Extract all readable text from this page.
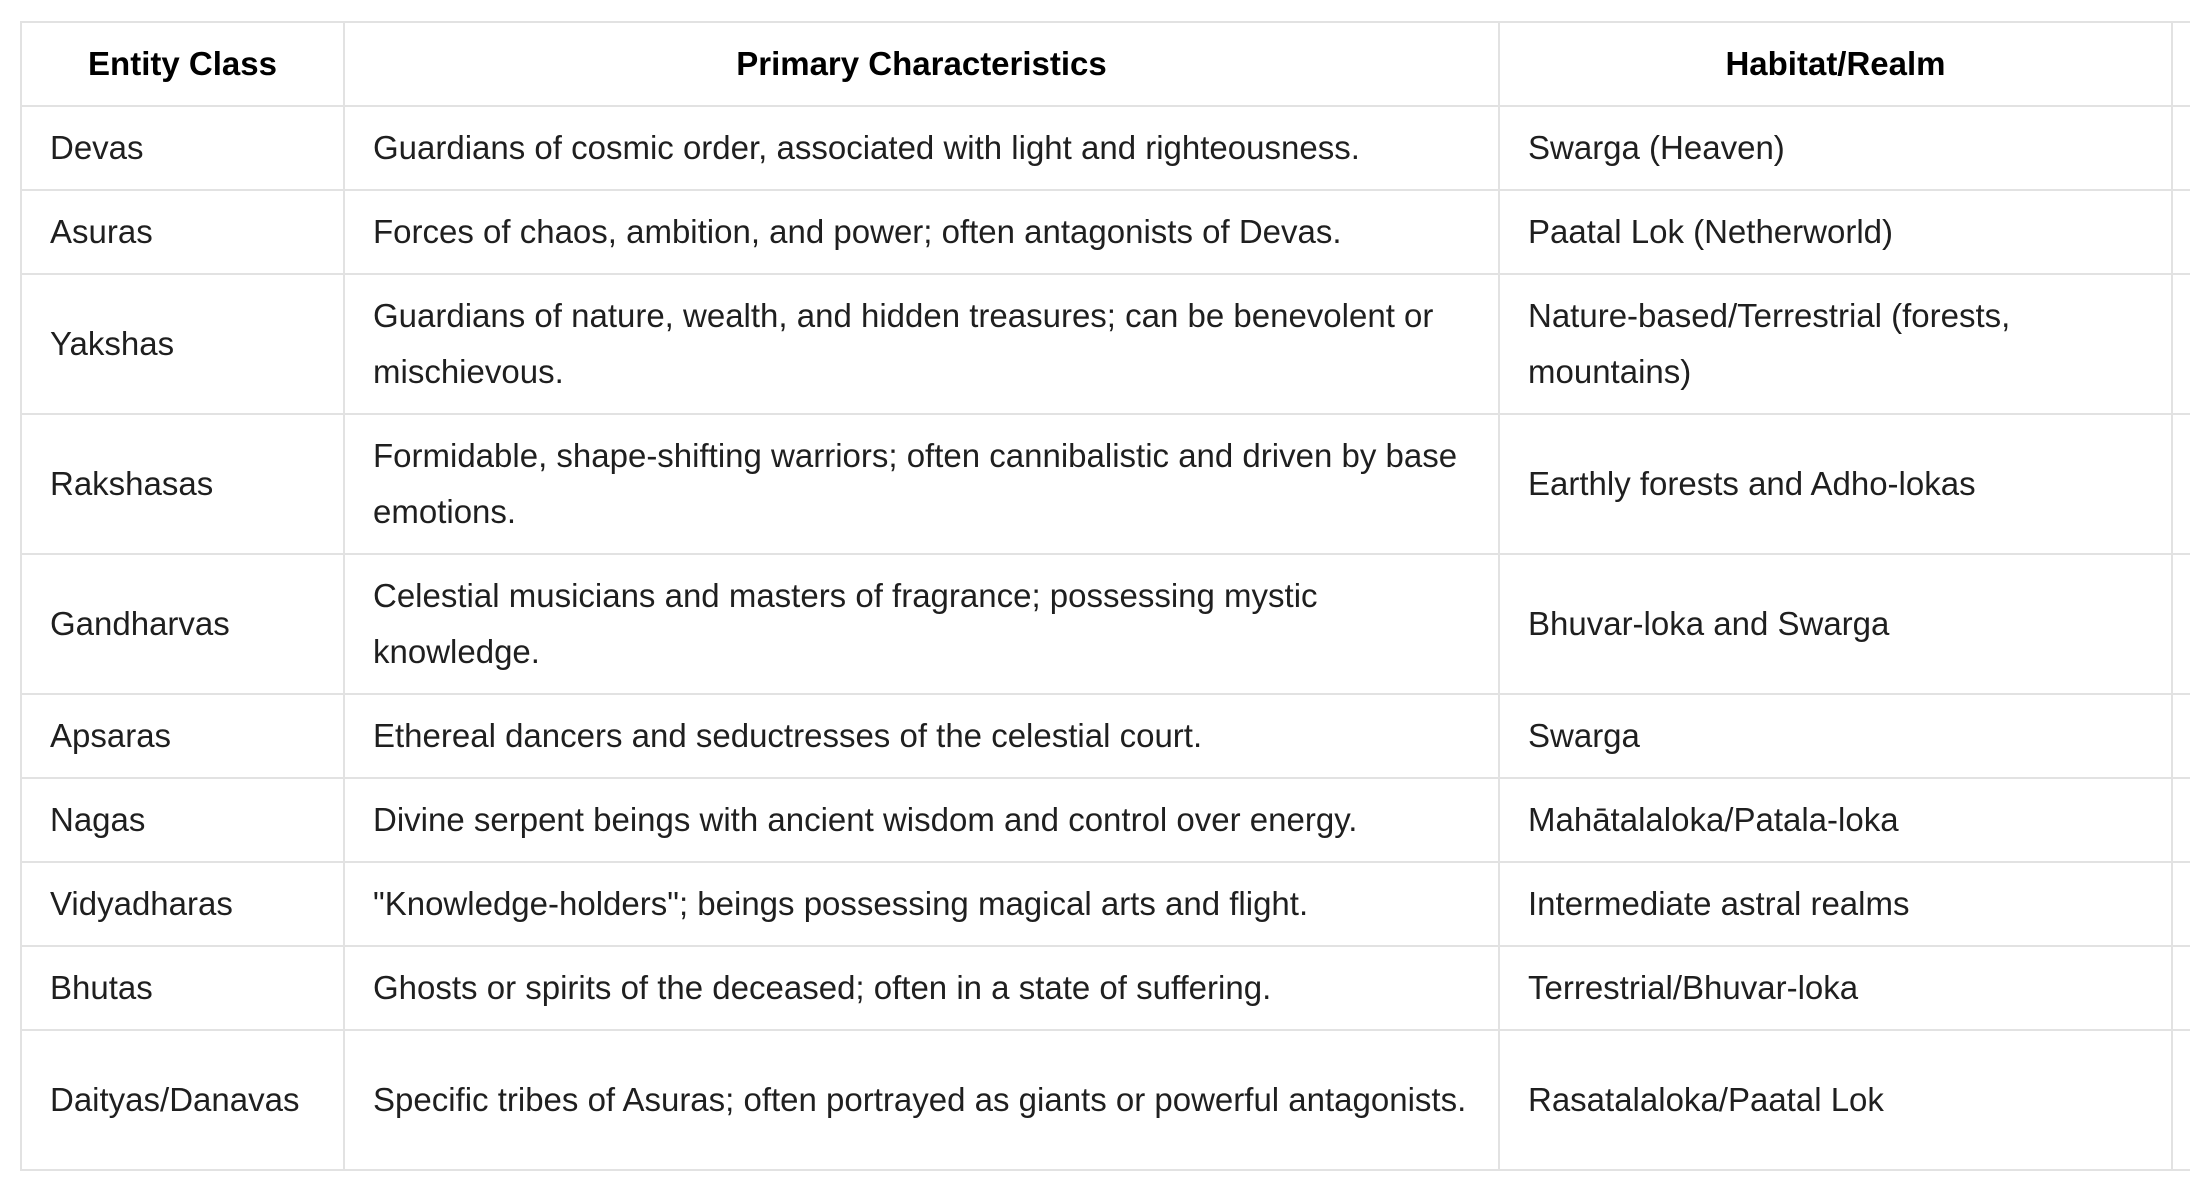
Entity Class	Primary Characteristics	Habitat/Realm	
Devas	Guardians of cosmic order, associated with light and righteousness.	Swarga (Heaven)	
Asuras	Forces of chaos, ambition, and power; often antagonists of Devas.	Paatal Lok (Netherworld)	
Yakshas	Guardians of nature, wealth, and hidden treasures; can be benevolent or mischievous.	Nature-based/Terrestrial (forests, mountains)	
Rakshasas	Formidable, shape-shifting warriors; often cannibalistic and driven by base emotions.	Earthly forests and Adho-lokas	
Gandharvas	Celestial musicians and masters of fragrance; possessing mystic knowledge.	Bhuvar-loka and Swarga	
Apsaras	Ethereal dancers and seductresses of the celestial court.	Swarga	
Nagas	Divine serpent beings with ancient wisdom and control over energy.	Mahātalaloka/Patala-loka	
Vidyadharas	"Knowledge-holders"; beings possessing magical arts and flight.	Intermediate astral realms	
Bhutas	Ghosts or spirits of the deceased; often in a state of suffering.	Terrestrial/Bhuvar-loka	
Daityas/Danavas	Specific tribes of Asuras; often portrayed as giants or powerful antagonists.	Rasatalaloka/Paatal Lok	
